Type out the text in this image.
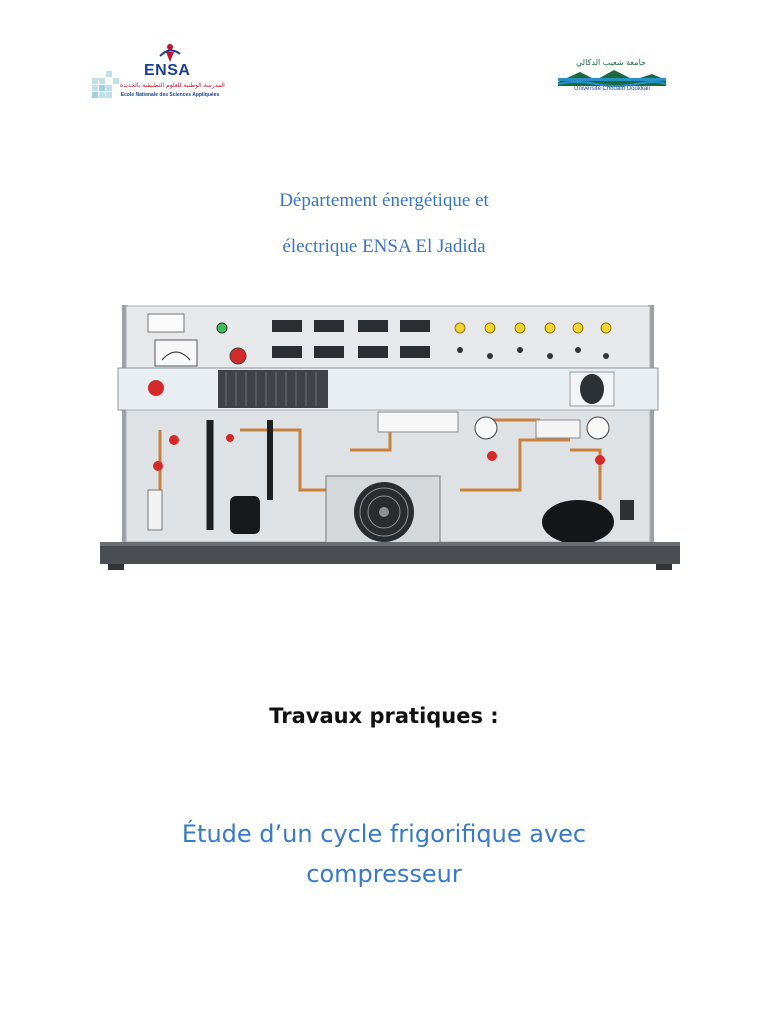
ENSA
المدرسة الوطنية للعلوم التطبيقية بالجديدة
Ecole Nationale des Sciences Appliquées
جامعة شعيب الدكالي
Université Chouaïb Doukkali
Département énergétique et
électrique ENSA El Jadida
Travaux pratiques :
Étude d’un cycle frigorifique avec
compresseur
